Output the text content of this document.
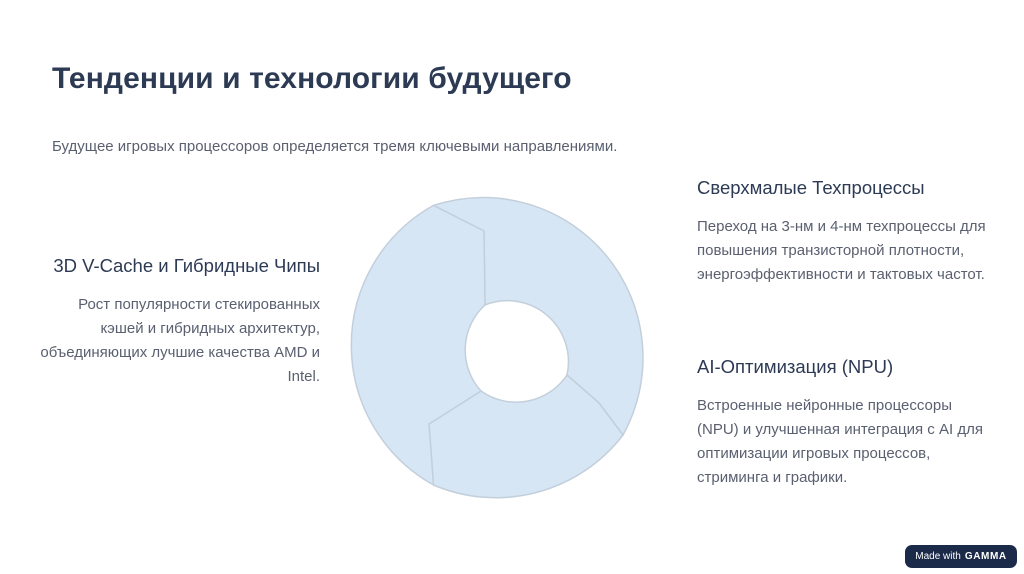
Тенденции и технологии будущего

Будущее игровых процессоров определяется тремя ключевыми направлениями.

3D V-Cache и Гибридные Чипы

Рост популярности стекированных кэшей и гибридных архитектур, объединяющих лучшие качества AMD и Intel.

Сверхмалые Техпроцессы

Переход на 3-нм и 4-нм техпроцессы для повышения транзисторной плотности, энергоэффективности и тактовых частот.

AI-Оптимизация (NPU)

Встроенные нейронные процессоры (NPU) и улучшенная интеграция с AI для оптимизации игровых процессов, стриминга и графики.

Made with GAMMA
